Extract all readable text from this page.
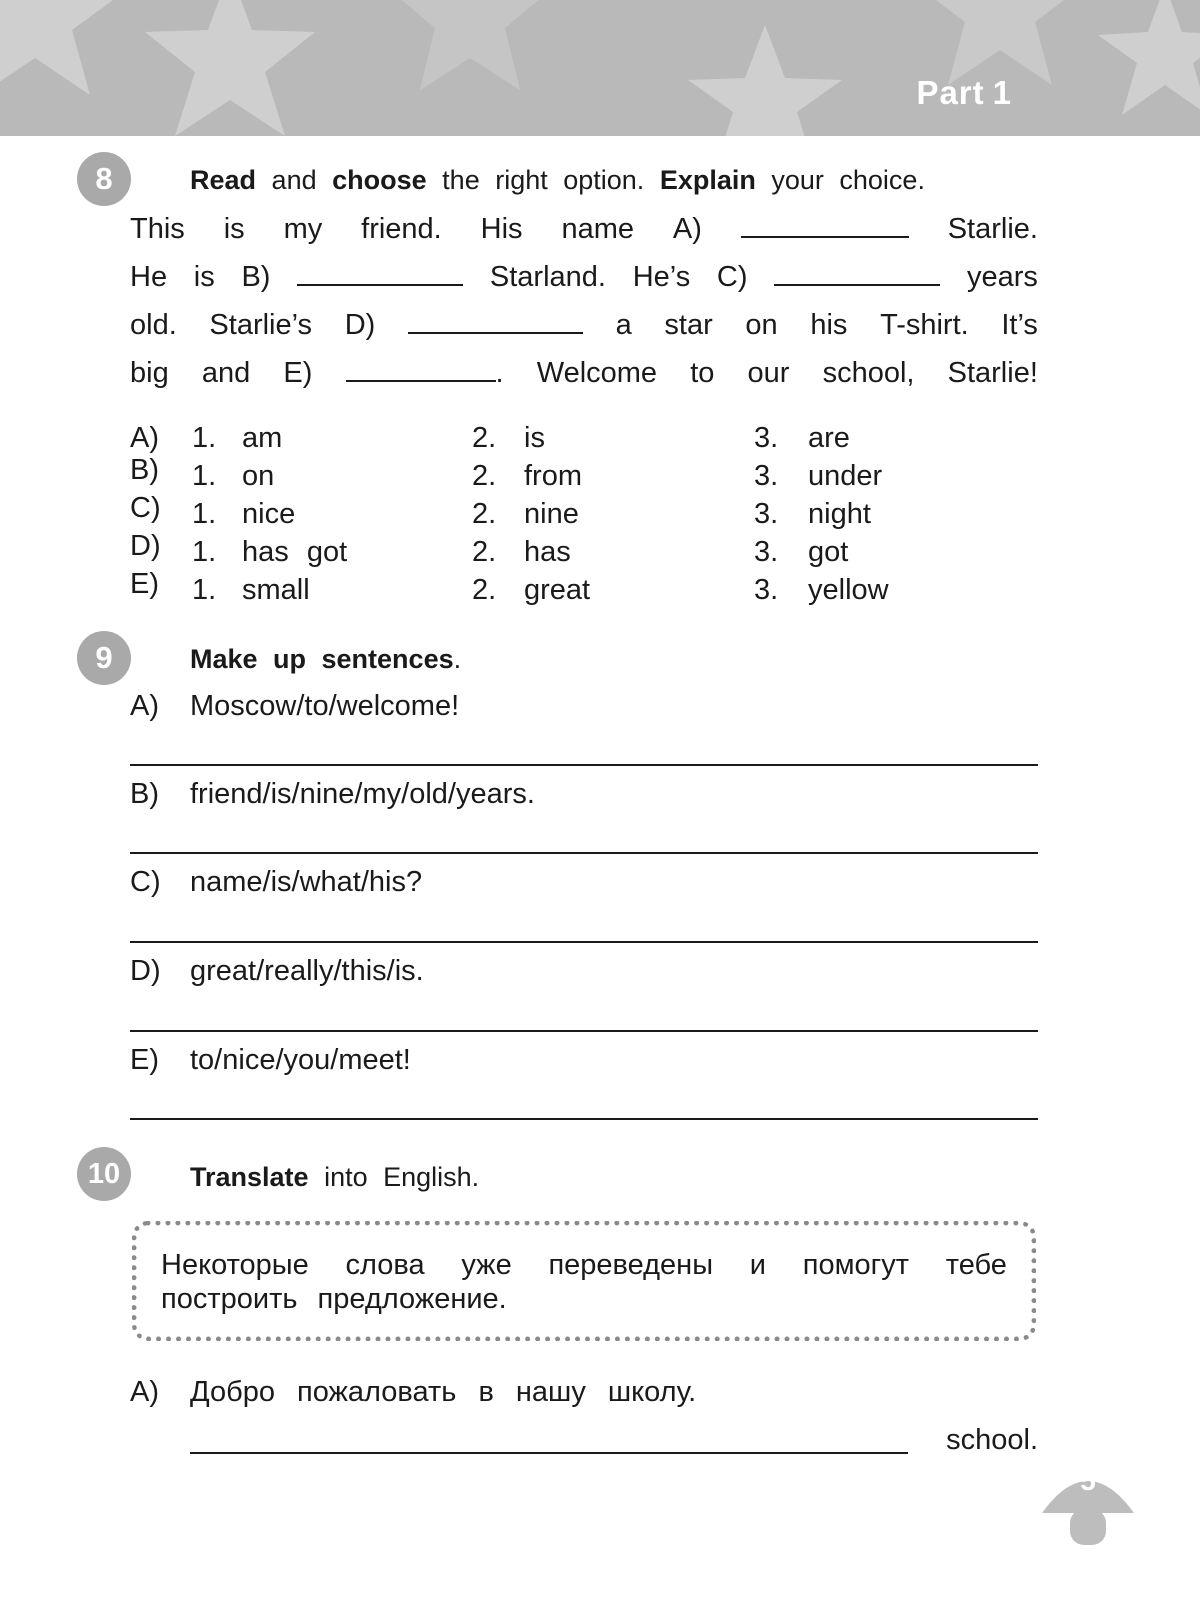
Part 1
8	Read and choose the right option. Explain your choice.
This is my friend. His name A)	Starlie.
He is B)	Starland. He’s C)	years
old. Starlie’s D)	a star on his T-shirt. It’s
big and E)	. Welcome to our school, Starlie!
A) 1. am	2. is	3. are
B) 1. on	2. from	3. under
C) 1. nice	2. nine	3. night
D) 1. has got	2. has	3. got
E) 1. small	2. great	3. yellow
9	Make up sentences.
A) Moscow/to/welcome!
B) friend/is/nine/my/old/years.
C) name/is/what/his?
D) great/really/this/is.
E) to/nice/you/meet!
10	Translate into English.
Некоторые слова уже переведены и помогут тебе
построить предложение.
A) Добро пожаловать в нашу школу.
school.
5
